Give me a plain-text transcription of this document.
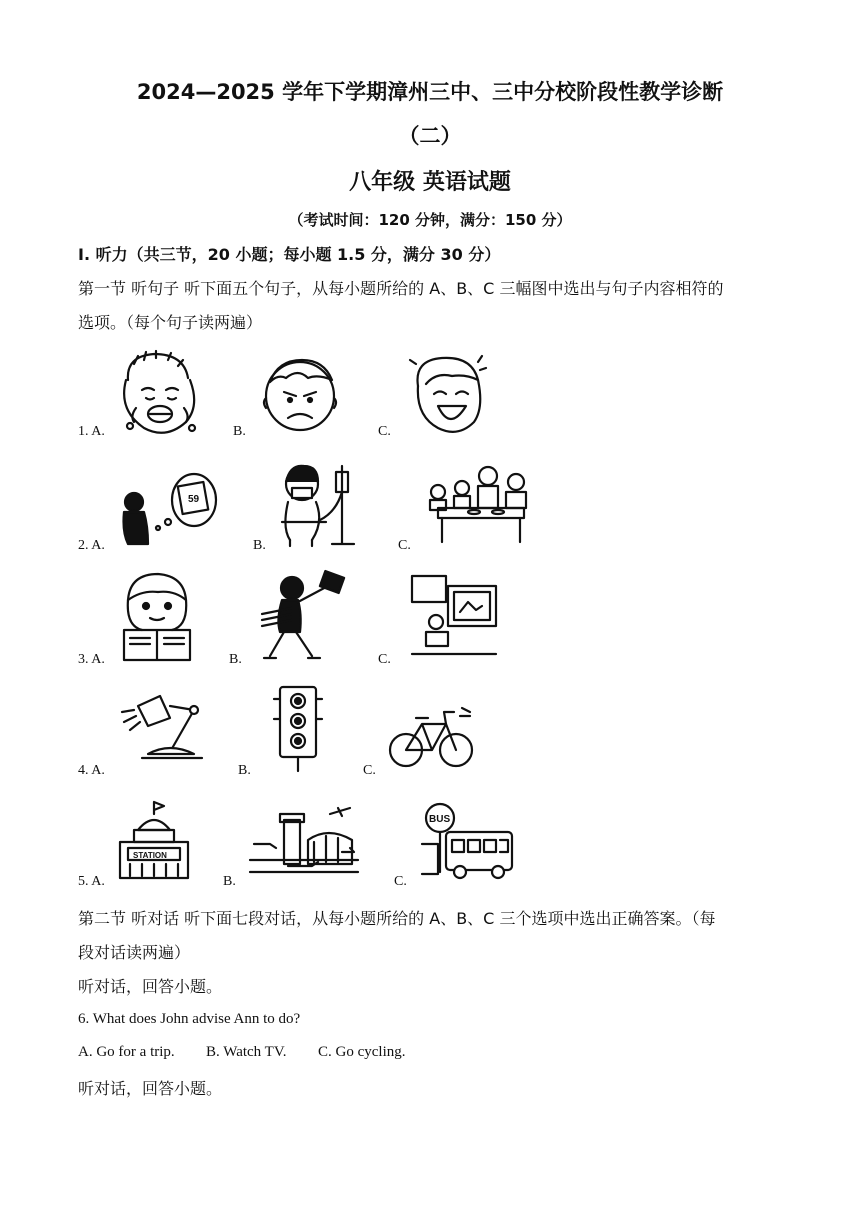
2024—2025 学年下学期漳州三中、三中分校阶段性教学诊断
（二）
八年级 英语试题
（考试时间：120 分钟，满分：150 分）
I. 听力（共三节，20 小题；每小题 1.5 分，满分 30 分）
第一节 听句子 听下面五个句子，从每小题所给的 A、B、C 三幅图中选出与句子内容相符的
选项。（每个句子读两遍）
1. A.	B.	C.
2. A.	B.	C.
59
3. A.	B.	C.
4. A.	B.	C.
5. A.	B.	C.
STATION
BUS
第二节 听对话 听下面七段对话，从每小题所给的 A、B、C 三个选项中选出正确答案。（每
段对话读两遍）
听对话，回答小题。
6. What does John advise Ann to do?
A. Go for a trip. B. Watch TV. C. Go cycling.
听对话，回答小题。
